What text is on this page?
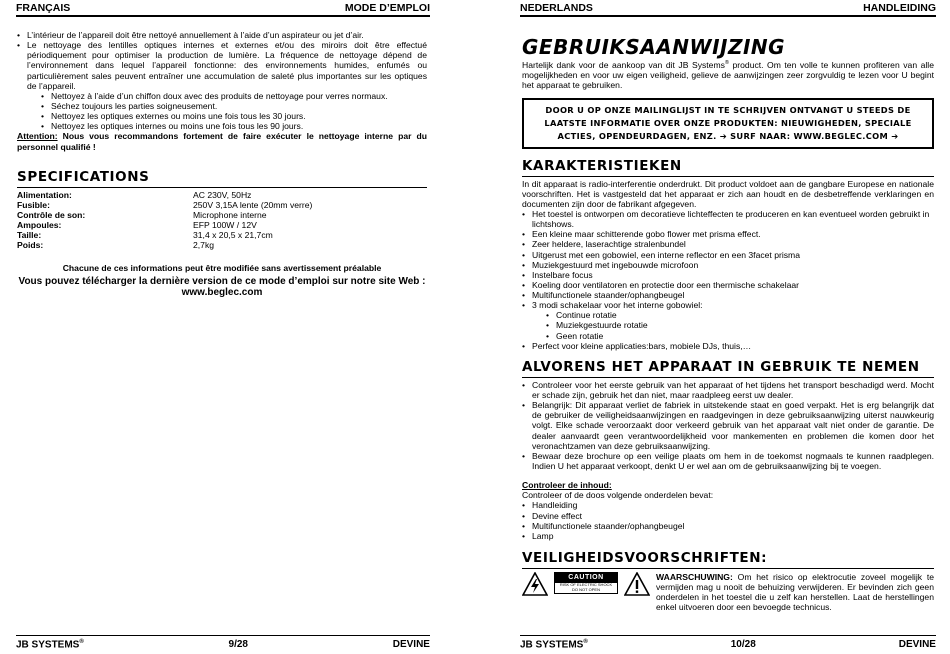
FRANÇAIS	MODE D’EMPLOI
• L’intérieur de l’appareil doit être nettoyé annuellement à l’aide d’un aspirateur ou jet d’air.
• Le nettoyage des lentilles optiques internes et externes et/ou des miroirs doit être effectué périodiquement pour optimiser la production de lumière. La fréquence de nettoyage dépend de l’environnement dans lequel l’appareil fonctionne: des environnements humides, enfumés ou particulièrement sales peuvent entraîner une accumulation de saleté plus importantes sur les optiques de l’appareil.
• Nettoyez à l’aide d’un chiffon doux avec des produits de nettoyage pour verres normaux.
• Séchez toujours les parties soigneusement.
• Nettoyez les optiques externes ou moins une fois tous les 30 jours.
• Nettoyez les optiques internes ou moins une fois tous les 90 jours.
Attention: Nous vous recommandons fortement de faire exécuter le nettoyage interne par du personnel qualifié !
SPECIFICATIONS
Alimentation:	AC 230V, 50Hz
Fusible:	250V 3,15A lente (20mm verre)
Contrôle de son:	Microphone interne
Ampoules:	EFP 100W / 12V
Taille:	31,4 x 20,5 x 21,7cm
Poids:	2,7kg
Chacune de ces informations peut être modifiée sans avertissement préalable
Vous pouvez télécharger la dernière version de ce mode d’emploi sur notre site Web :
www.beglec.com
JB SYSTEMS®	9/28	DEVINE
NEDERLANDS	HANDLEIDING
GEBRUIKSAANWIJZING
Hartelijk dank voor de aankoop van dit JB Systems® product. Om ten volle te kunnen profiteren van alle mogelijkheden en voor uw eigen veiligheid, gelieve de aanwijzingen zeer zorgvuldig te lezen voor U begint het apparaat te gebruiken.
DOOR U OP ONZE MAILINGLIJST IN TE SCHRIJVEN ONTVANGT U STEEDS DE LAATSTE INFORMATIE OVER ONZE PRODUKTEN: NIEUWIGHEDEN, SPECIALE ACTIES, OPENDEURDAGEN, ENZ. ➔ SURF NAAR: WWW.BEGLEC.COM ➔
KARAKTERISTIEKEN
In dit apparaat is radio-interferentie onderdrukt. Dit product voldoet aan de gangbare Europese en nationale voorschriften. Het is vastgesteld dat het apparaat er zich aan houdt en de desbetreffende verklaringen en documenten zijn door de fabrikant afgegeven.
• Het toestel is ontworpen om decoratieve lichteffecten te produceren en kan eventueel worden gebruikt in lichtshows.
• Een kleine maar schitterende gobo flower met prisma effect.
• Zeer heldere, laserachtige stralenbundel
• Uitgerust met een gobowiel, een interne reflector en een 3facet prisma
• Muziekgestuurd met ingebouwde microfoon
• Instelbare focus
• Koeling door ventilatoren en protectie door een thermische schakelaar
• Multifunctionele staander/ophangbeugel
• 3 modi schakelaar voor het interne gobowiel:
• Continue rotatie
• Muziekgestuurde rotatie
• Geen rotatie
• Perfect voor kleine applicaties:bars, mobiele DJs, thuis,…
ALVORENS HET APPARAAT IN GEBRUIK TE NEMEN
• Controleer voor het eerste gebruik van het apparaat of het tijdens het transport beschadigd werd. Mocht er schade zijn, gebruik het dan niet, maar raadpleeg eerst uw dealer.
• Belangrijk: Dit apparaat verliet de fabriek in uitstekende staat en goed verpakt. Het is erg belangrijk dat de gebruiker de veiligheidsaanwijzingen en raadgevingen in deze gebruiksaanwijzing uiterst nauwkeurig volgt. Elke schade veroorzaakt door verkeerd gebruik van het apparaat valt niet onder de garantie. De dealer aanvaardt geen verantwoordelijkheid voor mankementen en problemen die komen door het veronachtzamen van deze gebruiksaanwijzing.
• Bewaar deze brochure op een veilige plaats om hem in de toekomst nogmaals te kunnen raadplegen. Indien U het apparaat verkoopt, denkt U er wel aan om de gebruiksaanwijzing bij te voegen.
Controleer de inhoud:
Controleer of de doos volgende onderdelen bevat:
• Handleiding
• Devine effect
• Multifunctionele staander/ophangbeugel
• Lamp
VEILIGHEIDSVOORSCHRIFTEN:
CAUTION
RISK OF ELECTRIC SHOCK
DO NOT OPEN
WAARSCHUWING: Om het risico op elektrocutie zoveel mogelijk te vermijden mag u nooit de behuizing verwijderen. Er bevinden zich geen onderdelen in het toestel die u zelf kan herstellen. Laat de herstellingen enkel uitvoeren door een bevoegde technicus.
JB SYSTEMS®	10/28	DEVINE
